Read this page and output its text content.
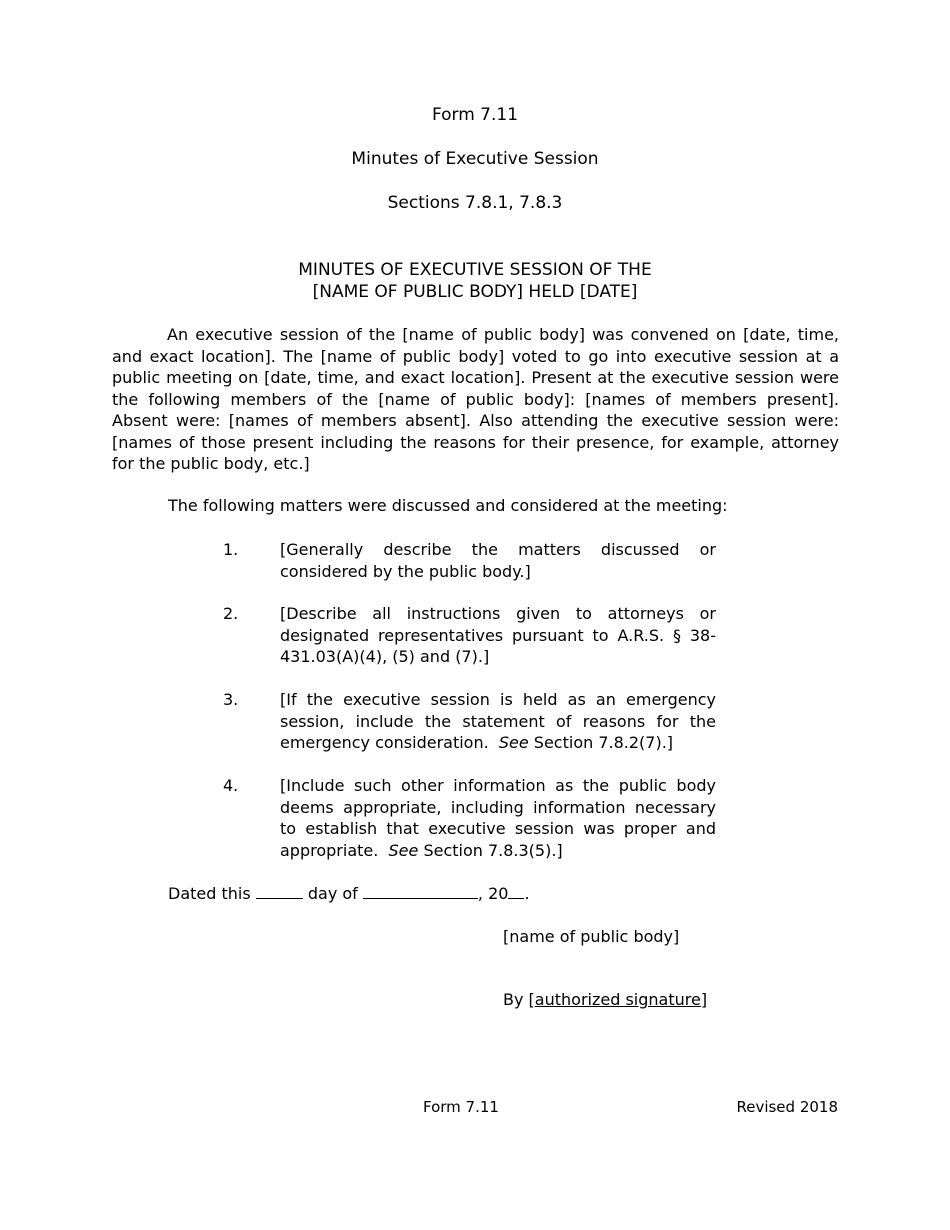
Form 7.11
Minutes of Executive Session
Sections 7.8.1, 7.8.3
MINUTES OF EXECUTIVE SESSION OF THE
[NAME OF PUBLIC BODY] HELD [DATE]

An executive session of the [name of public body] was convened on [date, time, and exact location]. The [name of public body] voted to go into executive session at a public meeting on [date, time, and exact location]. Present at the executive session were the following members of the [name of public body]: [names of members present]. Absent were: [names of members absent]. Also attending the executive session were: [names of those present including the reasons for their presence, for example, attorney for the public body, etc.]

The following matters were discussed and considered at the meeting:

1.	[Generally describe the matters discussed or considered by the public body.]

2.	[Describe all instructions given to attorneys or designated representatives pursuant to A.R.S. § 38-431.03(A)(4), (5) and (7).]

3.	[If the executive session is held as an emergency session, include the statement of reasons for the emergency consideration. See Section 7.8.2(7).]

4.	[Include such other information as the public body deems appropriate, including information necessary to establish that executive session was proper and appropriate. See Section 7.8.3(5).]

Dated this	day of	, 20 .

[name of public body]
By [authorized signature]
Form 7.11	Revised 2018
